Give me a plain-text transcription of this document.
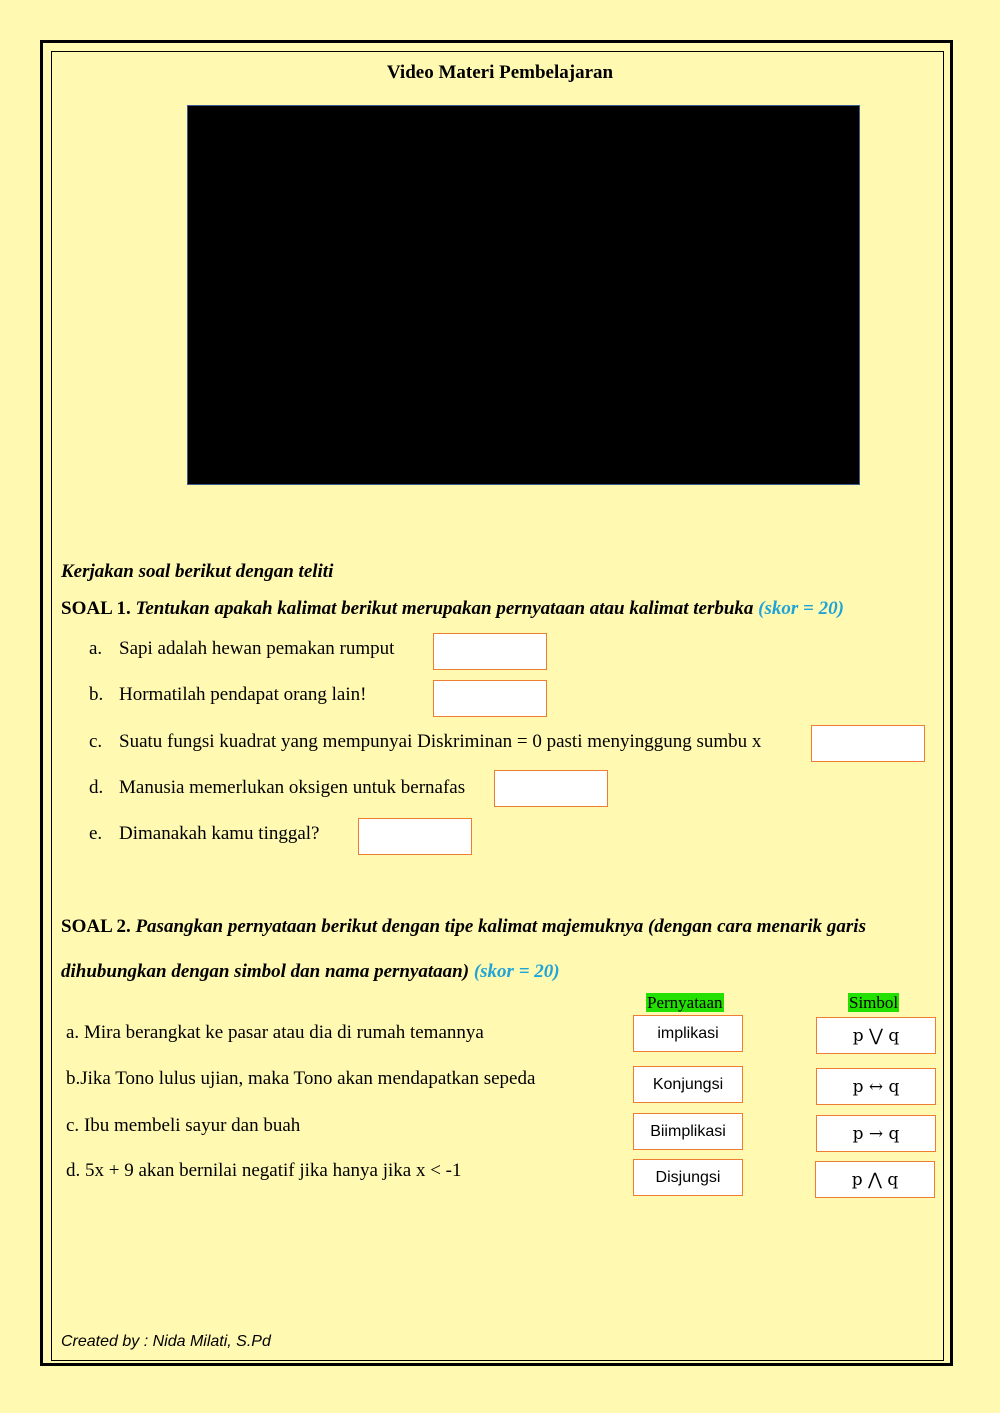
Video Materi Pembelajaran
Kerjakan soal berikut dengan teliti
SOAL 1. Tentukan apakah kalimat berikut merupakan pernyataan atau kalimat terbuka (skor = 20)
a. Sapi adalah hewan pemakan rumput
b. Hormatilah pendapat orang lain!
c. Suatu fungsi kuadrat yang mempunyai Diskriminan = 0 pasti menyinggung sumbu x
d. Manusia memerlukan oksigen untuk bernafas
e. Dimanakah kamu tinggal?
SOAL 2. Pasangkan pernyataan berikut dengan tipe kalimat majemuknya (dengan cara menarik garis
dihubungkan dengan simbol dan nama pernyataan) (skor = 20)
Pernyataan	Simbol
a. Mira berangkat ke pasar atau dia di rumah temannya
b.Jika Tono lulus ujian, maka Tono akan mendapatkan sepeda
c. Ibu membeli sayur dan buah
d. 5x + 9 akan bernilai negatif jika hanya jika x < -1
implikasi
Konjungsi
Biimplikasi
Disjungsi
p ⋁ q
p ↔ q
p → q
p ⋀ q
Created by : Nida Milati, S.Pd
